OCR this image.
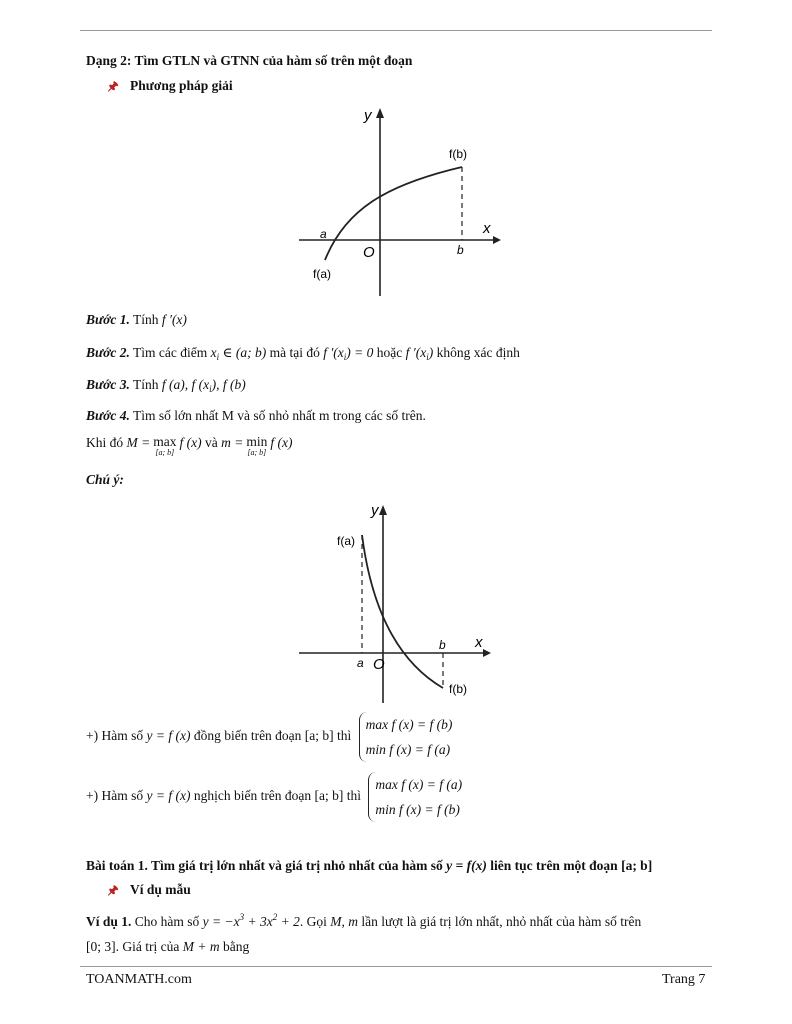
Dạng 2: Tìm GTLN và GTNN của hàm số trên một đoạn
🖈 Phương pháp giải
y
x
O
a
b
f(a)
f(b)
Bước 1. Tính f ′(x)
Bước 2. Tìm các điểm $x_i$ ∈ (a; b) mà tại đó f $'(x_i) = 0$ hoặc f $'(x_i)$ không xác định
Bước 3. Tính f (a), f $(x_i)$, f (b)
Bước 4. Tìm số lớn nhất M và số nhỏ nhất m trong các số trên.
Khi đó M = max
[a; b]
f (x) và m = min
[a; b]
f (x)
Chú ý:
y
x
O
a
b
f(a)
f(b)
+) Hàm số y = f (x) đồng biến trên đoạn [a; b] thì
max f (x) = f (b)
min f (x) = f (a)
+) Hàm số y = f (x) nghịch biến trên đoạn [a; b] thì
max f (x) = f (a)
min f (x) = f (b)
Bài toán 1. Tìm giá trị lớn nhất và giá trị nhỏ nhất của hàm số y = f(x) liên tục trên một đoạn [a; b]
🖈 Ví dụ mẫu
Ví dụ 1. Cho hàm số $y = -x^3 + 3x^2 + 2$. Gọi M, m lần lượt là giá trị lớn nhất, nhỏ nhất của hàm số trên
[0; 3]. Giá trị của M + m bằng
TOANMATH.com	Trang 7
